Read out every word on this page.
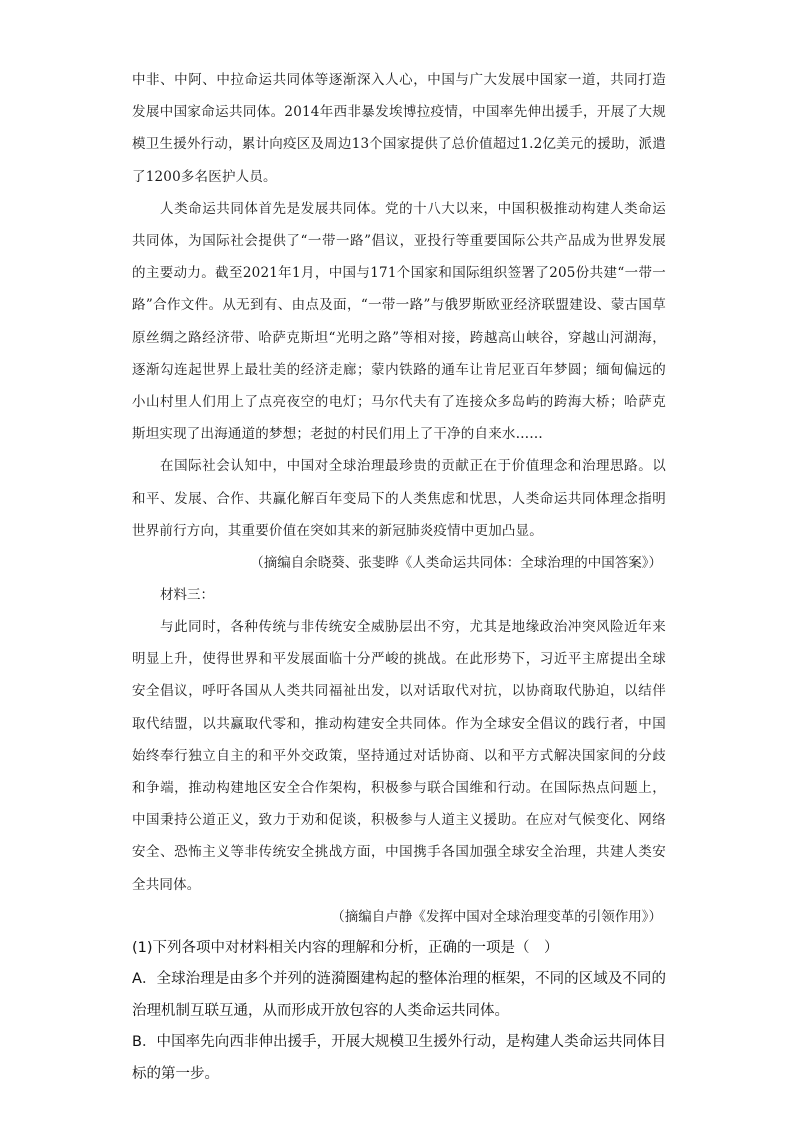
中非、中阿、中拉命运共同体等逐渐深入人心，中国与广大发展中国家一道，共同打造发展中国家命运共同体。2014年西非暴发埃博拉疫情，中国率先伸出援手，开展了大规模卫生援外行动，累计向疫区及周边13个国家提供了总价值超过1.2亿美元的援助，派遣了1200多名医护人员。

人类命运共同体首先是发展共同体。党的十八大以来，中国积极推动构建人类命运共同体，为国际社会提供了“一带一路”倡议，亚投行等重要国际公共产品成为世界发展的主要动力。截至2021年1月，中国与171个国家和国际组织签署了205份共建“一带一路”合作文件。从无到有、由点及面，“一带一路”与俄罗斯欧亚经济联盟建设、蒙古国草原丝绸之路经济带、哈萨克斯坦“光明之路”等相对接，跨越高山峡谷，穿越山河湖海，逐渐勾连起世界上最壮美的经济走廊；蒙内铁路的通车让肯尼亚百年梦圆；缅甸偏远的小山村里人们用上了点亮夜空的电灯；马尔代夫有了连接众多岛屿的跨海大桥；哈萨克斯坦实现了出海通道的梦想；老挝的村民们用上了干净的自来水……

在国际社会认知中，中国对全球治理最珍贵的贡献正在于价值理念和治理思路。以和平、发展、合作、共赢化解百年变局下的人类焦虑和忧思，人类命运共同体理念指明世界前行方向，其重要价值在突如其来的新冠肺炎疫情中更加凸显。

（摘编自余晓葵、张斐晔《人类命运共同体：全球治理的中国答案》）

材料三：

与此同时，各种传统与非传统安全威胁层出不穷，尤其是地缘政治冲突风险近年来明显上升，使得世界和平发展面临十分严峻的挑战。在此形势下，习近平主席提出全球安全倡议，呼吁各国从人类共同福祉出发，以对话取代对抗，以协商取代胁迫，以结伴取代结盟，以共赢取代零和，推动构建安全共同体。作为全球安全倡议的践行者，中国始终奉行独立自主的和平外交政策，坚持通过对话协商、以和平方式解决国家间的分歧和争端，推动构建地区安全合作架构，积极参与联合国维和行动。在国际热点问题上，中国秉持公道正义，致力于劝和促谈，积极参与人道主义援助。在应对气候变化、网络安全、恐怖主义等非传统安全挑战方面，中国携手各国加强全球安全治理，共建人类安全共同体。

（摘编自卢静《发挥中国对全球治理变革的引领作用》）

(1)下列各项中对材料相关内容的理解和分析，正确的一项是（　）

A．全球治理是由多个并列的涟漪圈建构起的整体治理的框架，不同的区域及不同的治理机制互联互通，从而形成开放包容的人类命运共同体。

B．中国率先向西非伸出援手，开展大规模卫生援外行动，是构建人类命运共同体目标的第一步。
